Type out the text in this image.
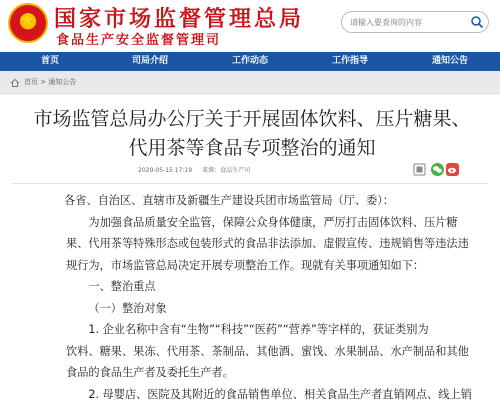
★
国家市场监督管理总局
食品生产安全监督管理司
请输入要查询的内容
首页	司局介绍	工作动态	工作指导	通知公告
首页 > 通知公告
市场监管总局办公厅关于开展固体饮料、压片糖果、代用茶等食品专项整治的通知
2020-05-15 17:19 来源：食品生产司
各省、自治区、直辖市及新疆生产建设兵团市场监管局（厅、委）：
为加强食品质量安全监管，保障公众身体健康，严厉打击固体饮料、压片糖
果、代用茶等特殊形态或包装形式的食品非法添加、虚假宣传、违规销售等违法违
规行为，市场监管总局决定开展专项整治工作。现就有关事项通知如下：
一、整治重点
（一）整治对象
1. 企业名称中含有“生物”“科技”“医药”“营养”等字样的，获证类别为
饮料、糖果、果冻、代用茶、茶制品、其他酒、蜜饯、水果制品、水产制品和其他
食品的食品生产者及委托生产者。
2. 母婴店、医院及其附近的食品销售单位、相关食品生产者直销网点、线上销
